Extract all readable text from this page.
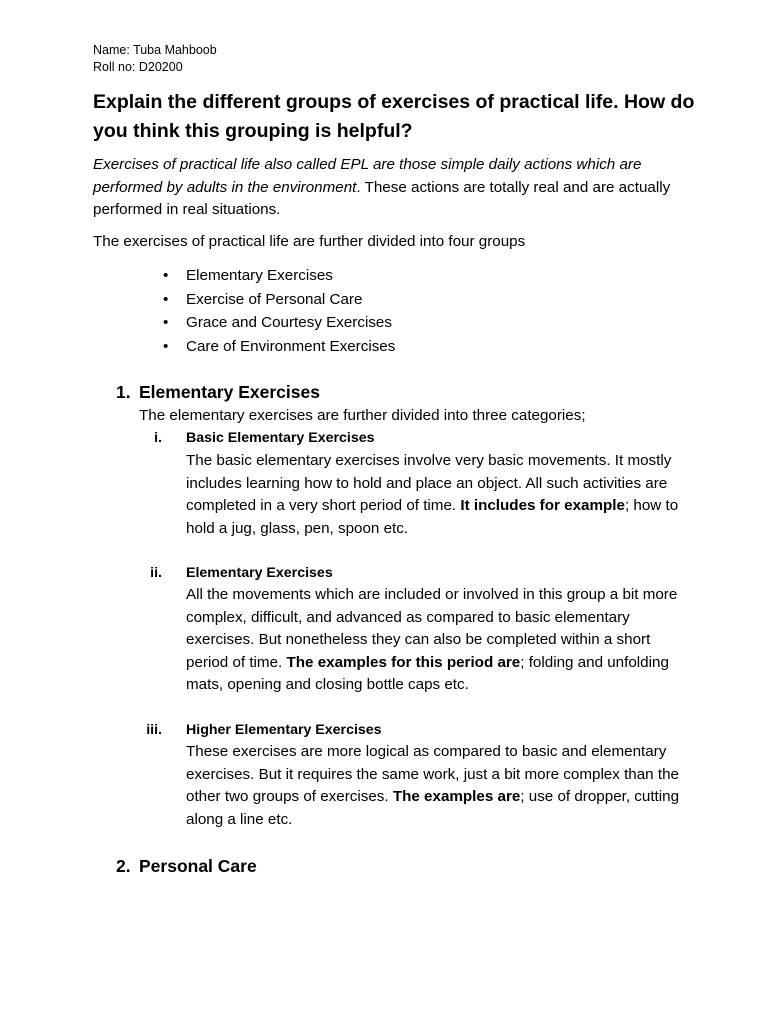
Name: Tuba Mahboob
Roll no: D20200
Explain the different groups of exercises of practical life. How do you think this grouping is helpful?

Exercises of practical life also called EPL are those simple daily actions which are performed by adults in the environment. These actions are totally real and are actually performed in real situations.

The exercises of practical life are further divided into four groups

• Elementary Exercises
• Exercise of Personal Care
• Grace and Courtesy Exercises
• Care of Environment Exercises
1. Elementary Exercises
The elementary exercises are further divided into three categories;
i. Basic Elementary Exercises

The basic elementary exercises involve very basic movements. It mostly includes learning how to hold and place an object. All such activities are completed in a very short period of time. It includes for example; how to hold a jug, glass, pen, spoon etc.

ii. Elementary Exercises

All the movements which are included or involved in this group a bit more complex, difficult, and advanced as compared to basic elementary exercises. But nonetheless they can also be completed within a short period of time. The examples for this period are; folding and unfolding mats, opening and closing bottle caps etc.

iii. Higher Elementary Exercises

These exercises are more logical as compared to basic and elementary exercises. But it requires the same work, just a bit more complex than the other two groups of exercises. The examples are; use of dropper, cutting along a line etc.

2. Personal Care
